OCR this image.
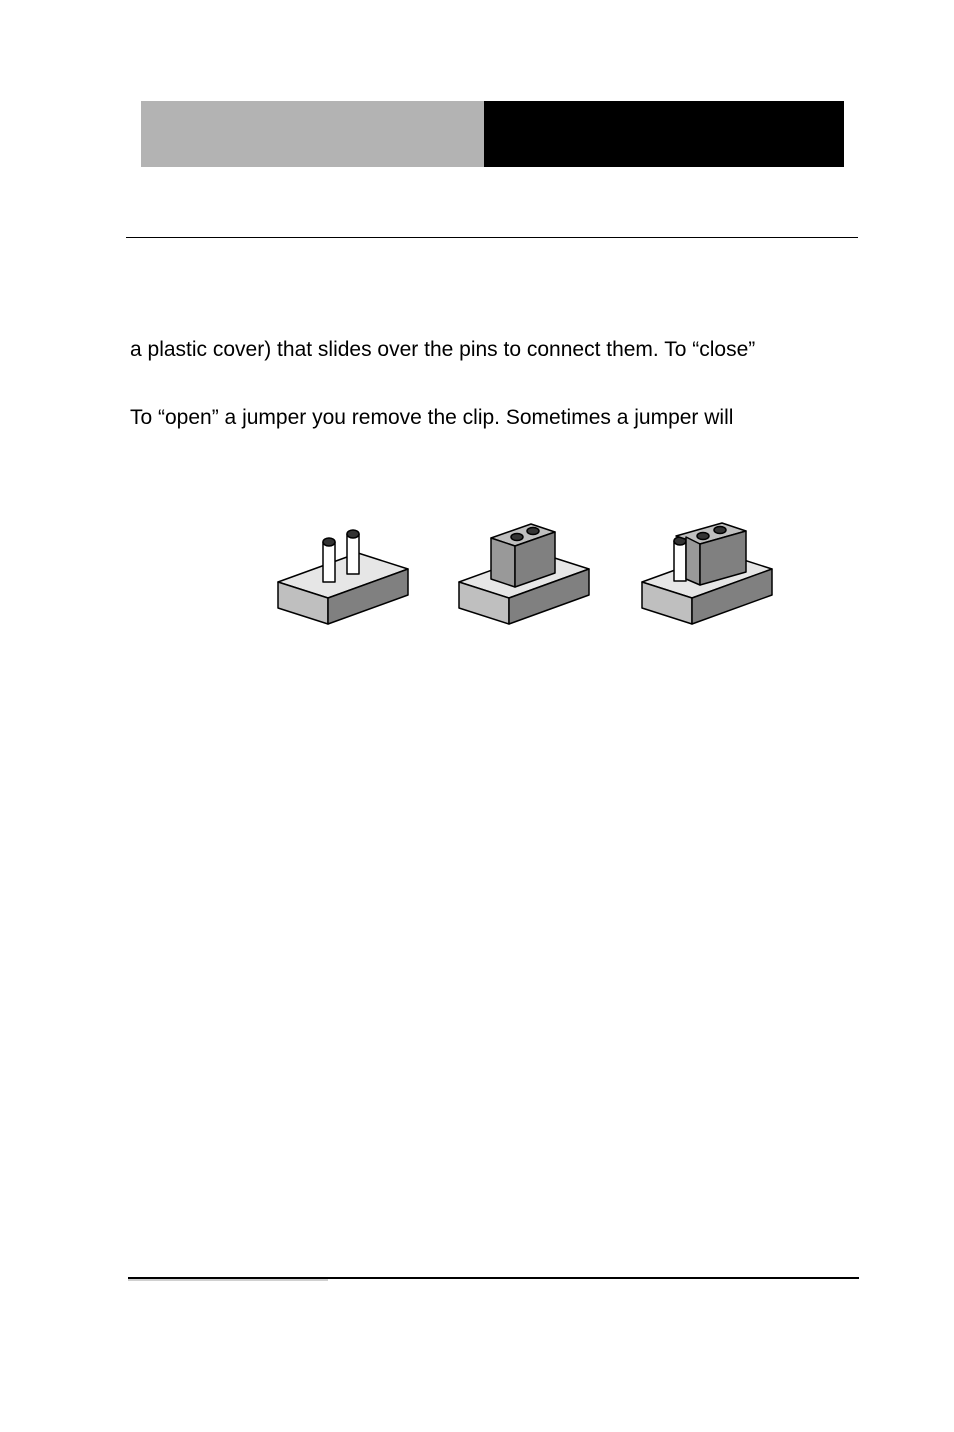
a plastic cover) that slides over the pins to connect them. To “close”
To “open” a jumper you remove the clip. Sometimes a jumper will
